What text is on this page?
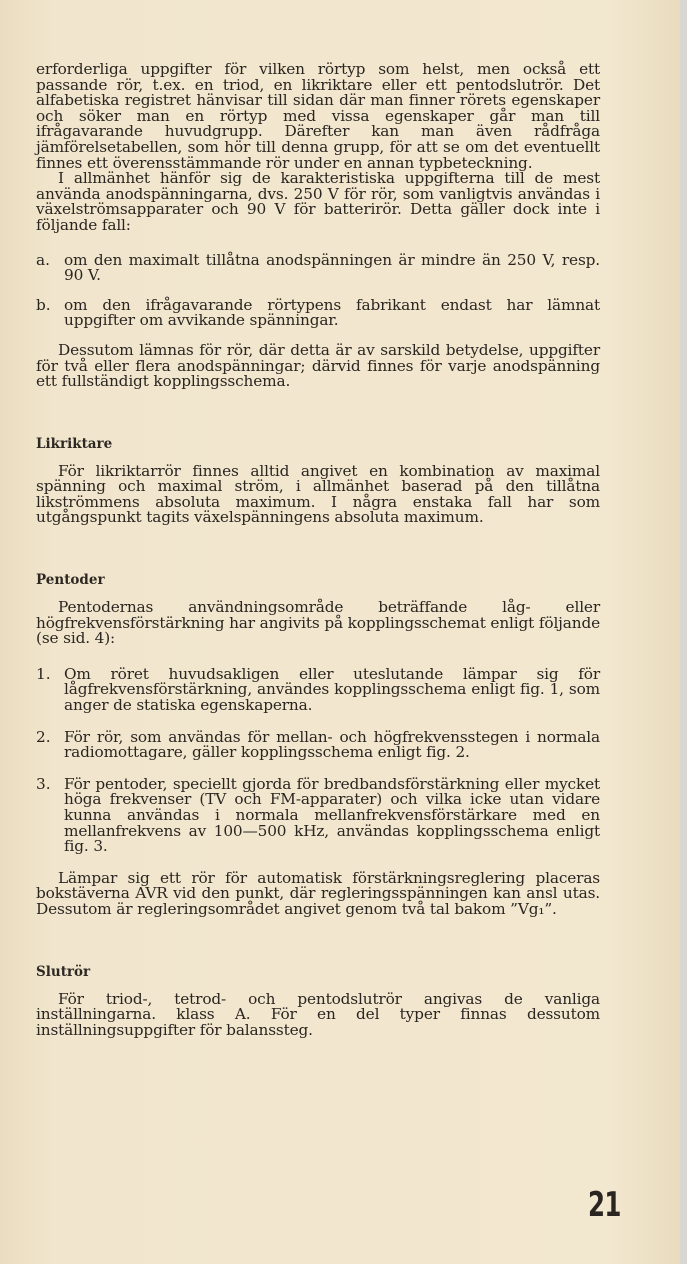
erforderliga uppgifter för vilken rörtyp som helst, men också ett passande rör, t.ex. en triod, en likriktare eller ett pentodslutrör. Det alfabetiska registret hänvisar till sidan där man finner rörets egenskaper och söker man en rörtyp med vissa egenskaper går man till ifrågavarande huvudgrupp. Därefter kan man även rådfråga jämförelsetabellen, som hör till denna grupp, för att se om det eventuellt finnes ett överensstämmande rör under en annan typbeteckning.

I allmänhet hänför sig de karakteristiska uppgifterna till de mest använda anodspänningarna, dvs. 250 V för rör, som vanligtvis användas i växelströmsapparater och 90 V för batterirör. Detta gäller dock inte i följande fall:

a. om den maximalt tillåtna anodspänningen är mindre än 250 V, resp. 90 V.

b. om den ifrågavarande rörtypens fabrikant endast har lämnat uppgifter om avvikande spänningar.

Dessutom lämnas för rör, där detta är av sarskild betydelse, uppgifter för två eller flera anodspänningar; därvid finnes för varje anodspänning ett fullständigt kopplingsschema.

Likriktare

För likriktarrör finnes alltid angivet en kombination av maximal spänning och maximal ström, i allmänhet baserad på den tillåtna likströmmens absoluta maximum. I några enstaka fall har som utgångspunkt tagits växelspänningens absoluta maximum.

Pentoder

Pentodernas användningsområde beträffande låg- eller högfrekvensförstärkning har angivits på kopplingsschemat enligt följande (se sid. 4):

1. Om röret huvudsakligen eller uteslutande lämpar sig för lågfrekvensförstärkning, användes kopplingsschema enligt fig. 1, som anger de statiska egenskaperna.

2. För rör, som användas för mellan- och högfrekvensstegen i normala radiomottagare, gäller kopplingsschema enligt fig. 2.

3. För pentoder, speciellt gjorda för bredbandsförstärkning eller mycket höga frekvenser (TV och FM-apparater) och vilka icke utan vidare kunna användas i normala mellanfrekvensförstärkare med en mellanfrekvens av 100—500 kHz, användas kopplingsschema enligt fig. 3.

Lämpar sig ett rör för automatisk förstärkningsreglering placeras bokstäverna AVR vid den punkt, där regleringsspänningen kan ansl utas. Dessutom är regleringsområdet angivet genom två tal bakom ”Vg₁”.

Slutrör

För triod-, tetrod- och pentodslutrör angivas de vanliga inställningarna. klass A. För en del typer finnas dessutom inställningsuppgifter för balanssteg.

21
